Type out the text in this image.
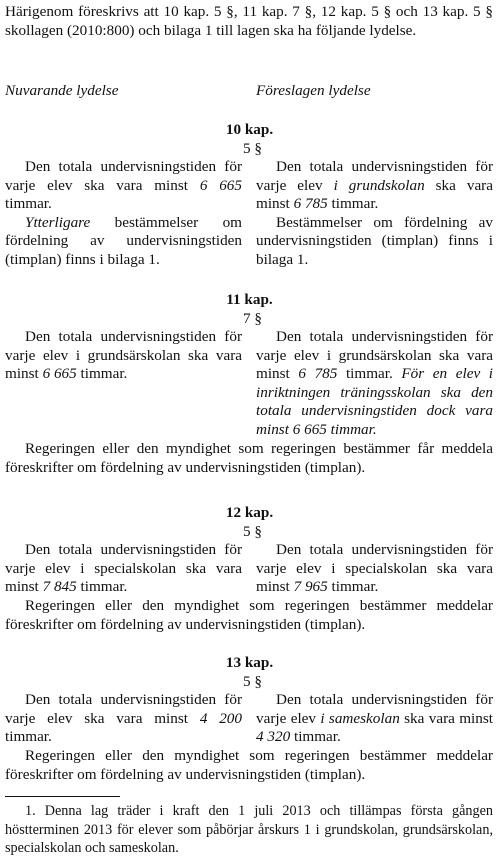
Härigenom föreskrivs att 10 kap. 5 §, 11 kap. 7 §, 12 kap. 5 § och 13 kap. 5 § skollagen (2010:800) och bilaga 1 till lagen ska ha följande lydelse.

Nuvarande lydelse	Föreslagen lydelse
10 kap.
5 §

Den totala undervisningstiden för varje elev ska vara minst 6 665 timmar.

Ytterligare bestämmelser om fördelning av undervisningstiden (timplan) finns i bilaga 1.

Den totala undervisningstiden för varje elev i grundskolan ska vara minst 6 785 timmar.

Bestämmelser om fördelning av undervisningstiden (timplan) finns i bilaga 1.

11 kap.
7 §

Den totala undervisningstiden för varje elev i grundsärskolan ska vara minst 6 665 timmar.

Den totala undervisningstiden för varje elev i grundsärskolan ska vara minst 6 785 timmar. För en elev i inriktningen träningsskolan ska den totala undervisningstiden dock vara minst 6 665 timmar.

Regeringen eller den myndighet som regeringen bestämmer får meddela föreskrifter om fördelning av undervisningstiden (timplan).

12 kap.
5 §

Den totala undervisningstiden för varje elev i specialskolan ska vara minst 7 845 timmar.

Den totala undervisningstiden för varje elev i specialskolan ska vara minst 7 965 timmar.

Regeringen eller den myndighet som regeringen bestämmer meddelar föreskrifter om fördelning av undervisningstiden (timplan).

13 kap.
5 §

Den totala undervisningstiden för varje elev ska vara minst 4 200 timmar.

Den totala undervisningstiden för varje elev i sameskolan ska vara minst 4 320 timmar.

Regeringen eller den myndighet som regeringen bestämmer meddelar föreskrifter om fördelning av undervisningstiden (timplan).

1. Denna lag träder i kraft den 1 juli 2013 och tillämpas första gången höstterminen 2013 för elever som påbörjar årskurs 1 i grundskolan, grundsärskolan, specialskolan och sameskolan.
